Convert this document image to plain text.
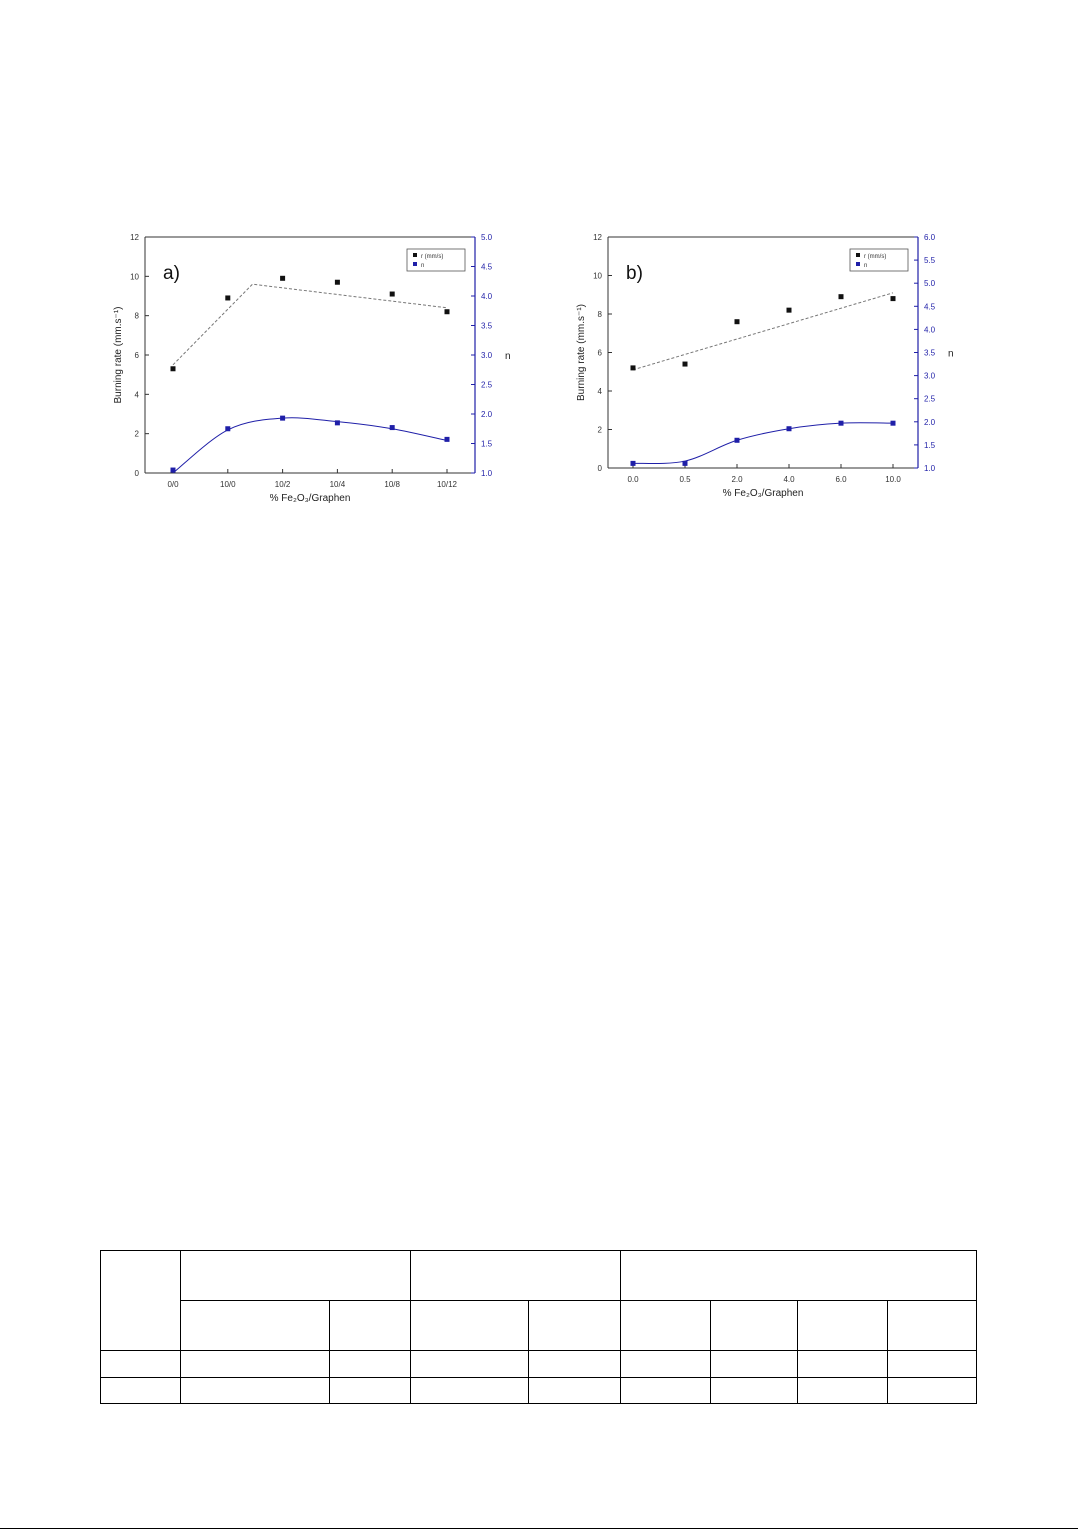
0
2
4
6
8
10
12
1.0
1.5
2.0
2.5
3.0
3.5
4.0
4.5
5.0
0/0	10/0	10/2	10/4	10/8	10/12
% Fe₂O₃/Graphen
Burning rate (mm.s⁻¹)	n
a)
r (mm/s)
n
0
2
4
6
8
10
12
1.0
1.5
2.0
2.5
3.0
3.5
4.0
4.5
5.0
5.5
6.0
0.0	0.5	2.0	4.0	6.0	10.0
% Fe₂O₃/Graphen
Burning rate (mm.s⁻¹)	n
b)
r (mm/s)
n
